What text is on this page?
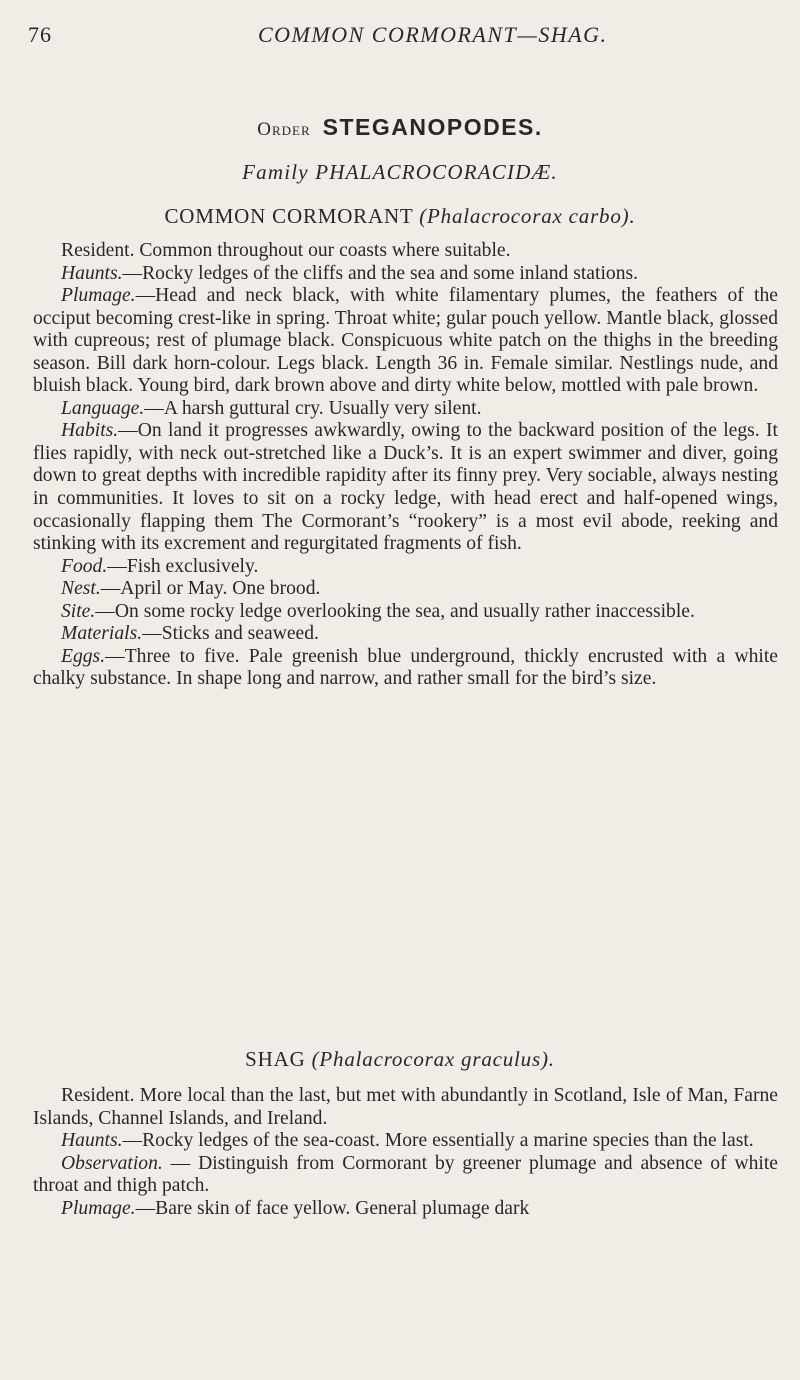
76	COMMON CORMORANT—SHAG.
Order STEGANOPODES.
Family PHALACROCORACIDÆ.
COMMON CORMORANT (Phalacrocorax carbo).

Resident. Common throughout our coasts where suitable.

Haunts.—Rocky ledges of the cliffs and the sea and some inland stations.

Plumage.—Head and neck black, with white filamentary plumes, the feathers of the occiput becoming crest-like in spring. Throat white; gular pouch yellow. Mantle black, glossed with cupreous; rest of plumage black. Conspicuous white patch on the thighs in the breeding season. Bill dark horn-colour. Legs black. Length 36 in. Female similar. Nestlings nude, and bluish black. Young bird, dark brown above and dirty white below, mottled with pale brown.

Language.—A harsh guttural cry. Usually very silent.

Habits.—On land it progresses awkwardly, owing to the backward position of the legs. It flies rapidly, with neck out-stretched like a Duck’s. It is an expert swimmer and diver, going down to great depths with incredible rapidity after its finny prey. Very sociable, always nesting in communities. It loves to sit on a rocky ledge, with head erect and half-opened wings, occasionally flapping them The Cormorant’s “rookery” is a most evil abode, reeking and stinking with its excrement and regurgitated fragments of fish.

Food.—Fish exclusively.

Nest.—April or May. One brood.

Site.—On some rocky ledge overlooking the sea, and usually rather inaccessible.

Materials.—Sticks and seaweed.

Eggs.—Three to five. Pale greenish blue underground, thickly encrusted with a white chalky substance. In shape long and narrow, and rather small for the bird’s size.

SHAG (Phalacrocorax graculus).

Resident. More local than the last, but met with abundantly in Scotland, Isle of Man, Farne Islands, Channel Islands, and Ireland.

Haunts.—Rocky ledges of the sea-coast. More essentially a marine species than the last.

Observation. — Distinguish from Cormorant by greener plumage and absence of white throat and thigh patch.

Plumage.—Bare skin of face yellow. General plumage dark
